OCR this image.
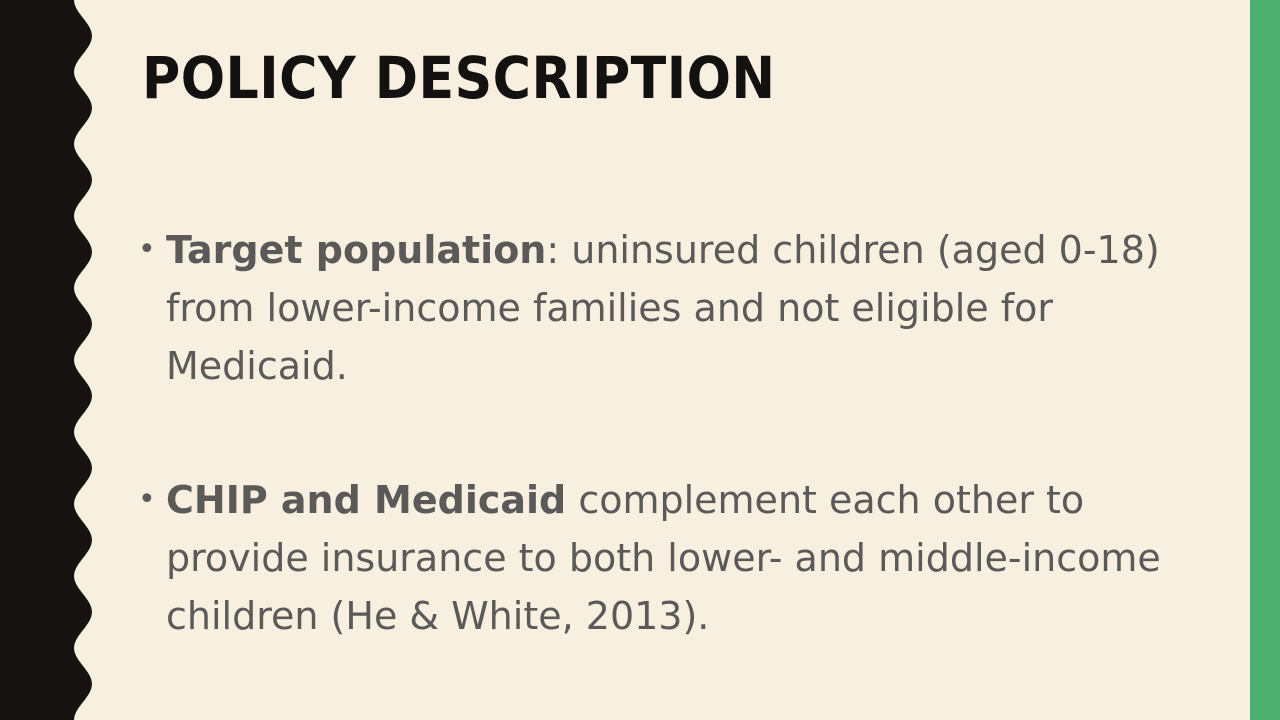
POLICY DESCRIPTION
• Target population: uninsured children (aged 0-18) from lower-income families and not eligible for Medicaid.
• CHIP and Medicaid complement each other to provide insurance to both lower- and middle-income children (He & White, 2013).
